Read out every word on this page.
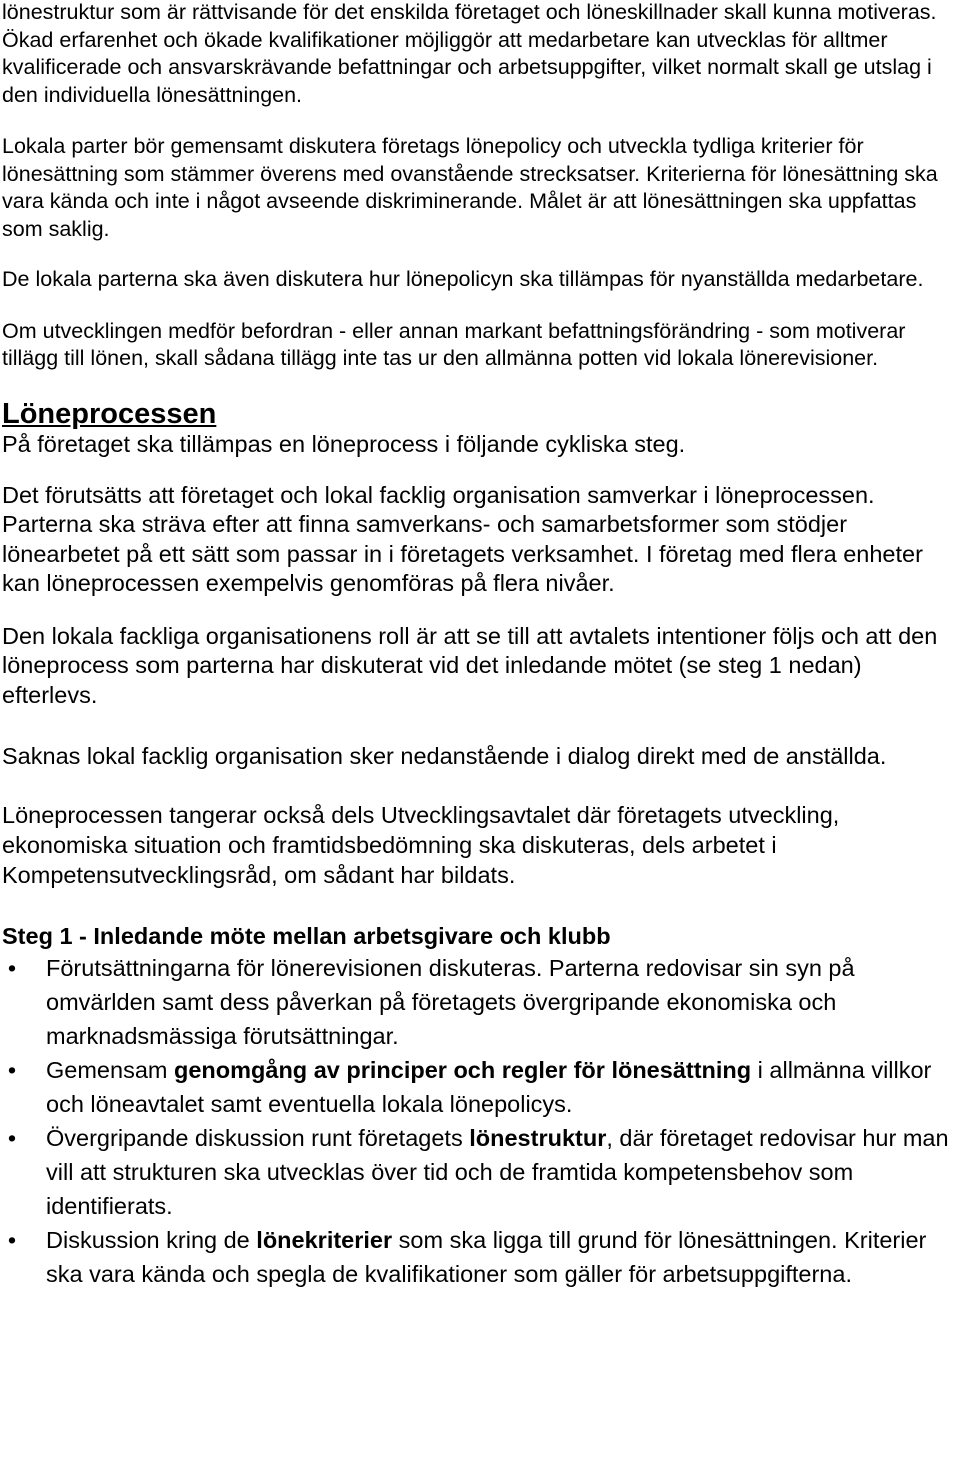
lönestruktur som är rättvisande för det enskilda företaget och löneskillnader skall kunna motiveras. Ökad erfarenhet och ökade kvalifikationer möjliggör att medarbetare kan utvecklas för alltmer kvalificerade och ansvarskrävande befattningar och arbetsuppgifter, vilket normalt skall ge utslag i den individuella lönesättningen.

Lokala parter bör gemensamt diskutera företags lönepolicy och utveckla tydliga kriterier för lönesättning som stämmer överens med ovanstående strecksatser. Kriterierna för lönesättning ska vara kända och inte i något avseende diskriminerande. Målet är att lönesättningen ska uppfattas som saklig.

De lokala parterna ska även diskutera hur lönepolicyn ska tillämpas för nyanställda medarbetare.

Om utvecklingen medför befordran - eller annan markant befattningsförändring - som motiverar tillägg till lönen, skall sådana tillägg inte tas ur den allmänna potten vid lokala lönerevisioner.

Löneprocessen

På företaget ska tillämpas en löneprocess i följande cykliska steg.

Det förutsätts att företaget och lokal facklig organisation samverkar i löneprocessen. Parterna ska sträva efter att finna samverkans- och samarbetsformer som stödjer lönearbetet på ett sätt som passar in i företagets verksamhet. I företag med flera enheter kan löneprocessen exempelvis genomföras på flera nivåer.

Den lokala fackliga organisationens roll är att se till att avtalets intentioner följs och att den löneprocess som parterna har diskuterat vid det inledande mötet (se steg 1 nedan) efterlevs.

Saknas lokal facklig organisation sker nedanstående i dialog direkt med de anställda.

Löneprocessen tangerar också dels Utvecklingsavtalet där företagets utveckling, ekonomiska situation och framtidsbedömning ska diskuteras, dels arbetet i Kompetensutvecklingsråd, om sådant har bildats.

Steg 1 - Inledande möte mellan arbetsgivare och klubb
• Förutsättningarna för lönerevisionen diskuteras. Parterna redovisar sin syn på omvärlden samt dess påverkan på företagets övergripande ekonomiska och marknadsmässiga förutsättningar.
• Gemensam genomgång av principer och regler för lönesättning i allmänna villkor och löneavtalet samt eventuella lokala lönepolicys.
• Övergripande diskussion runt företagets lönestruktur, där företaget redovisar hur man vill att strukturen ska utvecklas över tid och de framtida kompetensbehov som identifierats.
• Diskussion kring de lönekriterier som ska ligga till grund för lönesättningen. Kriterier ska vara kända och spegla de kvalifikationer som gäller för arbetsuppgifterna.
